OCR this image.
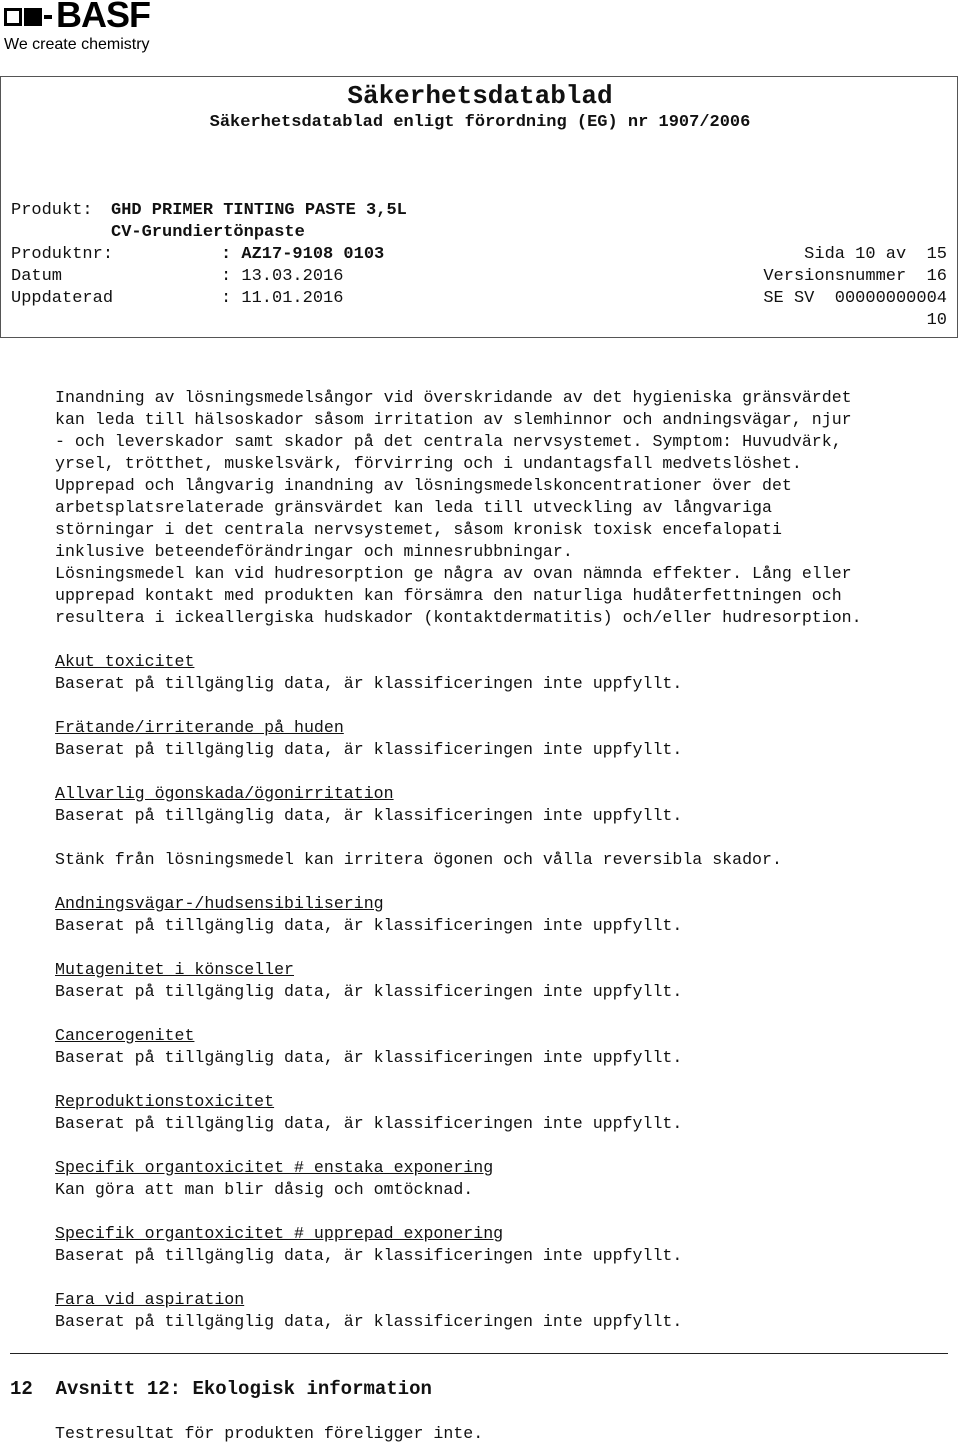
BASF
We create chemistry
Säkerhetsdatablad
Säkerhetsdatablad enligt förordning (EG) nr 1907/2006
Produkt: GHD PRIMER TINTING PASTE 3,5L
CV-Grundiertönpaste
Produktnr:	: AZ17-9108 0103	Sida 10 av  15
Datum	: 13.03.2016	Versionsnummer  16
Uppdaterad	: 11.01.2016	SE SV  00000000004
10
Inandning av lösningsmedelsångor vid överskridande av det hygieniska gränsvärdet
kan leda till hälsoskador såsom irritation av slemhinnor och andningsvägar, njur
- och leverskador samt skador på det centrala nervsystemet. Symptom: Huvudvärk,
yrsel, trötthet, muskelsvärk, förvirring och i undantagsfall medvetslöshet.
Upprepad och långvarig inandning av lösningsmedelskoncentrationer över det
arbetsplatsrelaterade gränsvärdet kan leda till utveckling av långvariga
störningar i det centrala nervsystemet, såsom kronisk toxisk encefalopati
inklusive beteendeförändringar och minnesrubbningar.
Lösningsmedel kan vid hudresorption ge några av ovan nämnda effekter. Lång eller
upprepad kontakt med produkten kan försämra den naturliga hudåterfettningen och
resultera i ickeallergiska hudskador (kontaktdermatitis) och/eller hudresorption.
Akut toxicitet
Baserat på tillgänglig data, är klassificeringen inte uppfyllt.
Frätande/irriterande på huden
Baserat på tillgänglig data, är klassificeringen inte uppfyllt.
Allvarlig ögonskada/ögonirritation
Baserat på tillgänglig data, är klassificeringen inte uppfyllt.
Stänk från lösningsmedel kan irritera ögonen och vålla reversibla skador.
Andningsvägar-/hudsensibilisering
Baserat på tillgänglig data, är klassificeringen inte uppfyllt.
Mutagenitet i könsceller
Baserat på tillgänglig data, är klassificeringen inte uppfyllt.
Cancerogenitet
Baserat på tillgänglig data, är klassificeringen inte uppfyllt.
Reproduktionstoxicitet
Baserat på tillgänglig data, är klassificeringen inte uppfyllt.
Specifik organtoxicitet # enstaka exponering
Kan göra att man blir dåsig och omtöcknad.
Specifik organtoxicitet # upprepad exponering
Baserat på tillgänglig data, är klassificeringen inte uppfyllt.
Fara vid aspiration
Baserat på tillgänglig data, är klassificeringen inte uppfyllt.
12 Avsnitt 12: Ekologisk information
Testresultat för produkten föreligger inte.
